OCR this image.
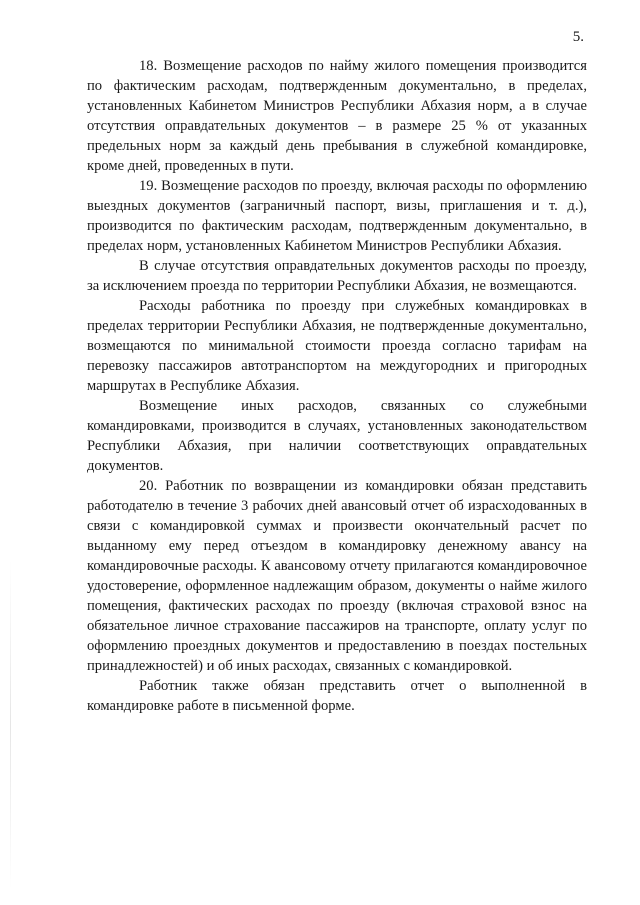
5.

18. Возмещение расходов по найму жилого помещения производится по фактическим расходам, подтвержденным документально, в пределах, установленных Кабинетом Министров Республики Абхазия норм, а в случае отсутствия оправдательных документов – в размере 25 % от указанных предельных норм за каждый день пребывания в служебной командировке, кроме дней, проведенных в пути.

19. Возмещение расходов по проезду, включая расходы по оформлению выездных документов (заграничный паспорт, визы, приглашения и т. д.), производится по фактическим расходам, подтвержденным документально, в пределах норм, установленных Кабинетом Министров Республики Абхазия.

В случае отсутствия оправдательных документов расходы по проезду, за исключением проезда по территории Республики Абхазия, не возмещаются.

Расходы работника по проезду при служебных командировках в пределах территории Республики Абхазия, не подтвержденные документально, возмещаются по минимальной стоимости проезда согласно тарифам на перевозку пассажиров автотранспортом на междугородних и пригородных маршрутах в Республике Абхазия.

Возмещение иных расходов, связанных со служебными командировками, производится в случаях, установленных законодательством Республики Абхазия, при наличии соответствующих оправдательных документов.

20. Работник по возвращении из командировки обязан представить работодателю в течение 3 рабочих дней авансовый отчет об израсходованных в связи с командировкой суммах и произвести окончательный расчет по выданному ему перед отъездом в командировку денежному авансу на командировочные расходы. К авансовому отчету прилагаются командировочное удостоверение, оформленное надлежащим образом, документы о найме жилого помещения, фактических расходах по проезду (включая страховой взнос на обязательное личное страхование пассажиров на транспорте, оплату услуг по оформлению проездных документов и предоставлению в поездах постельных принадлежностей) и об иных расходах, связанных с командировкой.

Работник также обязан представить отчет о выполненной в командировке работе в письменной форме.
